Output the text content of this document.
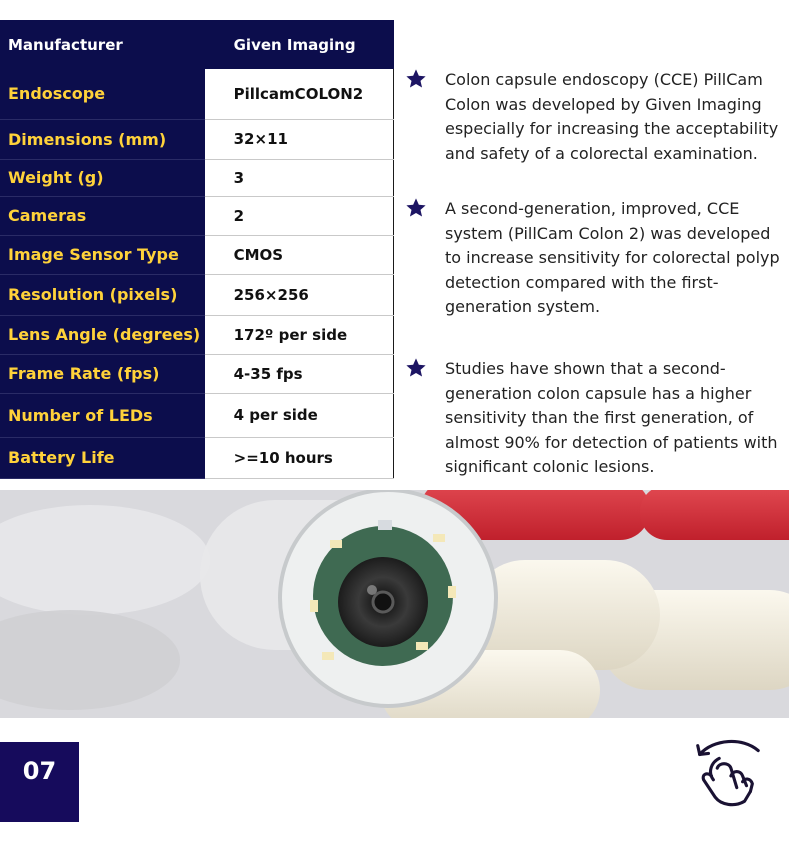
Manufacturer	Given Imaging
Endoscope	PillcamCOLON2
Dimensions (mm)	32×11
Weight (g)	3
Cameras	2
Image Sensor Type	CMOS
Resolution (pixels)	256×256
Lens Angle (degrees)	172º per side
Frame Rate (fps)	4-35 fps
Number of LEDs	4 per side
Battery Life	>=10 hours
Colon capsule endoscopy (CCE) PillCam Colon was developed by Given Imaging especially for increasing the acceptability and safety of a colorectal examination.
A second-generation, improved, CCE system (PillCam Colon 2) was developed to increase sensitivity for colorectal polyp detection compared with the first-generation system.
Studies have shown that a second-generation colon capsule has a higher sensitivity than the first generation, of almost 90% for detection of patients with significant colonic lesions.
07
